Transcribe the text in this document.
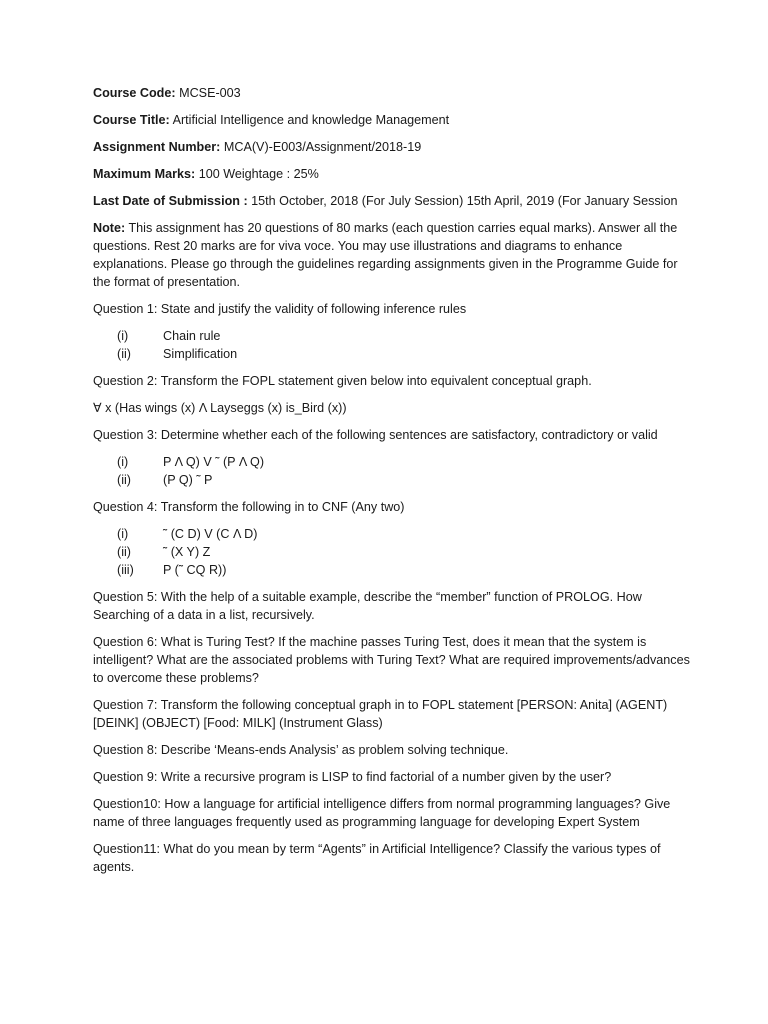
Course Code: MCSE-003

Course Title: Artificial Intelligence and knowledge Management

Assignment Number: MCA(V)-E003/Assignment/2018-19

Maximum Marks: 100 Weightage : 25%

Last Date of Submission : 15th October, 2018 (For July Session) 15th April, 2019 (For January Session

Note: This assignment has 20 questions of 80 marks (each question carries equal marks). Answer all the questions. Rest 20 marks are for viva voce. You may use illustrations and diagrams to enhance explanations. Please go through the guidelines regarding assignments given in the Programme Guide for the format of presentation.

Question 1: State and justify the validity of following inference rules

(i)	Chain rule
(ii)	Simplification

Question 2: Transform the FOPL statement given below into equivalent conceptual graph.

∀ x (Has wings (x) Λ Layseggs (x) is_Bird (x))

Question 3: Determine whether each of the following sentences are satisfactory, contradictory or valid

(i)	P Λ Q) V ˜ (P Λ Q)
(ii)	(P Q) ˜ P

Question 4: Transform the following in to CNF (Any two)

(i)	˜ (C D) V (C Λ D)
(ii)	˜ (X Y) Z
(iii)	P (˜ CQ R))

Question 5: With the help of a suitable example, describe the “member” function of PROLOG. How Searching of a data in a list, recursively.

Question 6: What is Turing Test? If the machine passes Turing Test, does it mean that the system is intelligent? What are the associated problems with Turing Text? What are required improvements/advances to overcome these problems?

Question 7: Transform the following conceptual graph in to FOPL statement [PERSON: Anita] (AGENT) [DEINK] (OBJECT) [Food: MILK] (Instrument Glass)

Question 8: Describe ‘Means-ends Analysis’ as problem solving technique.

Question 9: Write a recursive program is LISP to find factorial of a number given by the user?

Question10: How a language for artificial intelligence differs from normal programming languages? Give name of three languages frequently used as programming language for developing Expert System

Question11: What do you mean by term “Agents” in Artificial Intelligence? Classify the various types of agents.
